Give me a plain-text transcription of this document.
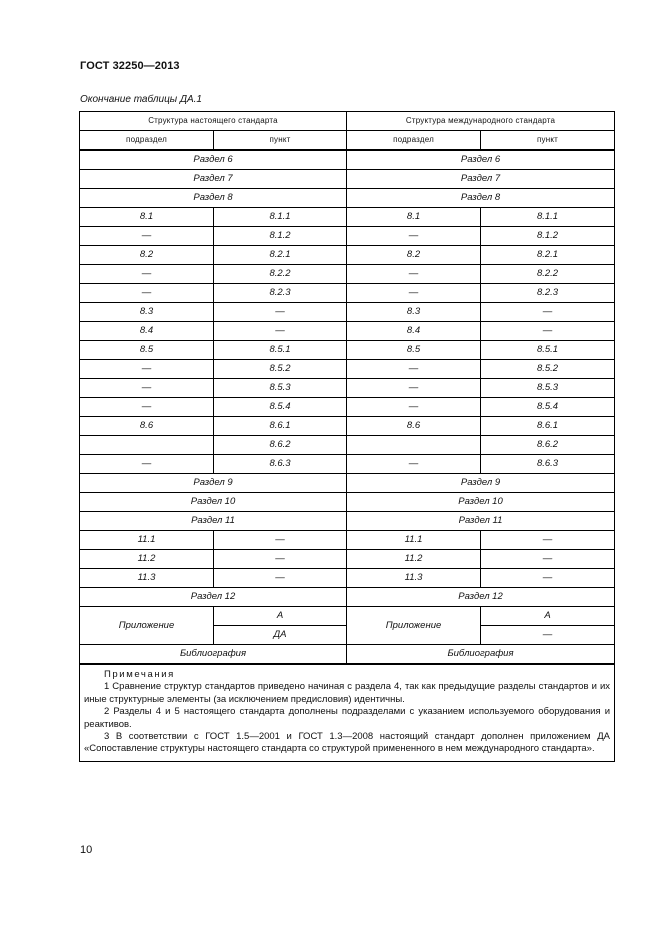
ГОСТ 32250—2013
Окончание таблицы ДА.1
Структура настоящего стандарта		Структура международного стандарта	
подраздел	пункт	подраздел	пункт
Раздел 6		Раздел 6	
Раздел 7		Раздел 7	
Раздел 8		Раздел 8	
8.1	8.1.1	8.1	8.1.1
—	8.1.2	—	8.1.2
8.2	8.2.1	8.2	8.2.1
—	8.2.2	—	8.2.2
—	8.2.3	—	8.2.3
8.3	—	8.3	—
8.4	—	8.4	—
8.5	8.5.1	8.5	8.5.1
—	8.5.2	—	8.5.2
—	8.5.3	—	8.5.3
—	8.5.4	—	8.5.4
8.6	8.6.1	8.6	8.6.1
	8.6.2		8.6.2
—	8.6.3	—	8.6.3
Раздел 9		Раздел 9	
Раздел 10		Раздел 10	
Раздел 11		Раздел 11	
11.1	—	11.1	—
11.2	—	11.2	—
11.3	—	11.3	—
Раздел 12		Раздел 12	
Приложение	А	Приложение	А
	ДА		—
Библиография		Библиография	

Примечания
1 Сравнение структур стандартов приведено начиная с раздела 4, так как предыдущие разделы стандартов и их иные структурные элементы (за исключением предисловия) идентичны.
2 Разделы 4 и 5 настоящего стандарта дополнены подразделами с указанием используемого оборудования и реактивов.
3 В соответствии с ГОСТ 1.5—2001 и ГОСТ 1.3—2008 настоящий стандарт дополнен приложением ДА «Сопоставление структуры настоящего стандарта со структурой примененного в нем международного стандарта».			
10
